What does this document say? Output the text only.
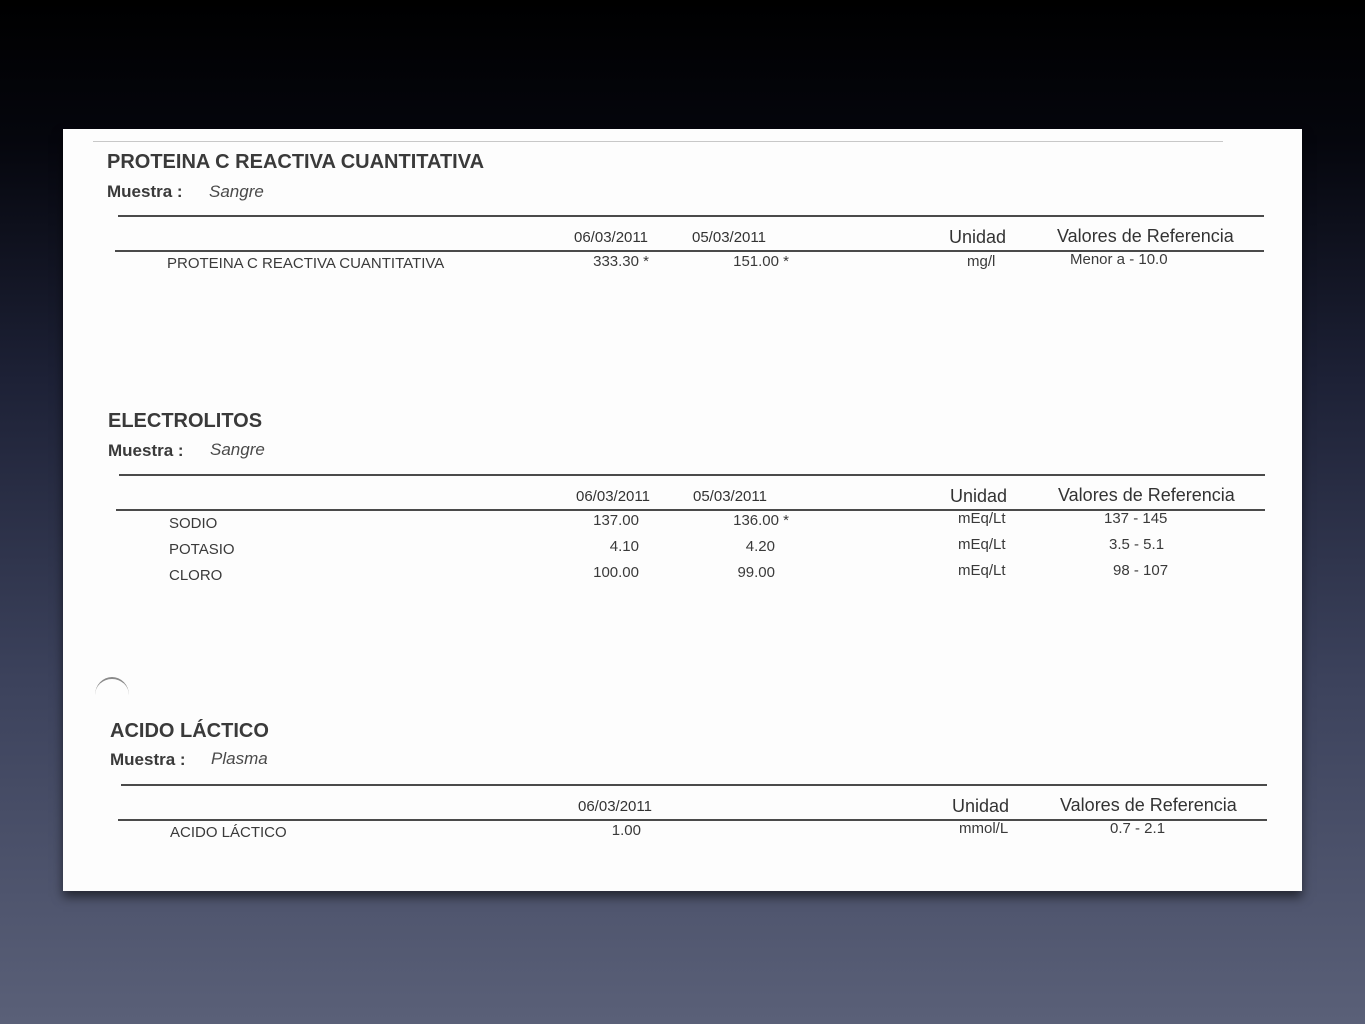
PROTEINA C REACTIVA CUANTITATIVA
Muestra : Sangre
06/03/2011	05/03/2011	Unidad	Valores de Referencia
PROTEINA C REACTIVA CUANTITATIVA	333.30 *	151.00 *	mg/l	Menor a - 10.0
ELECTROLITOS
Muestra : Sangre
06/03/2011	05/03/2011	Unidad	Valores de Referencia
SODIO	137.00	136.00 *	mEq/Lt	137 - 145
POTASIO	4.10	4.20	mEq/Lt	3.5 - 5.1
CLORO	100.00	99.00	mEq/Lt	98 - 107
ACIDO LÁCTICO
Muestra : Plasma
06/03/2011	Unidad	Valores de Referencia
ACIDO LÁCTICO	1.00	mmol/L	0.7 - 2.1
